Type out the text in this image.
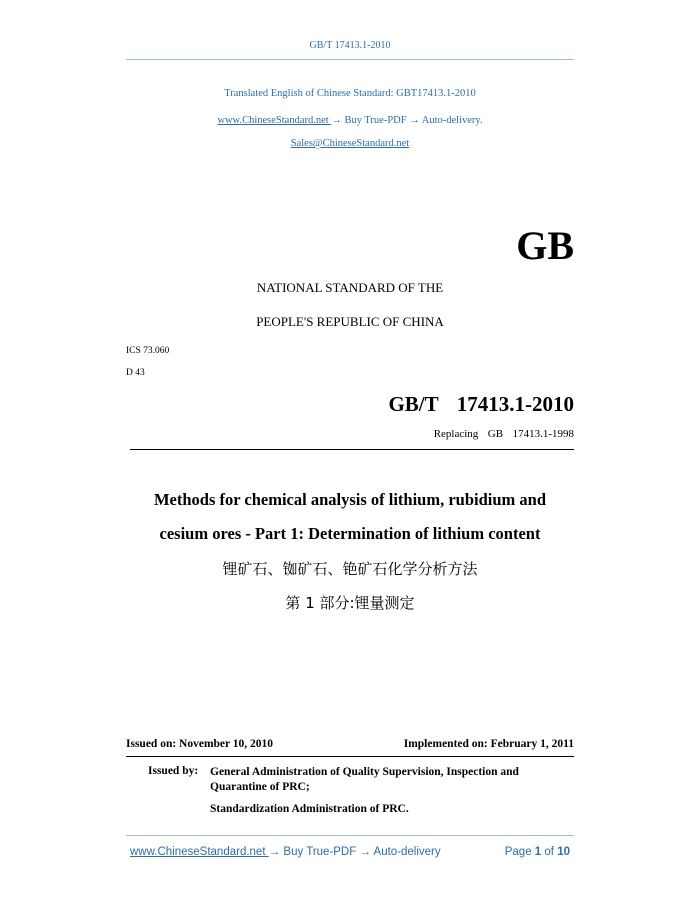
GB/T 17413.1-2010
Translated English of Chinese Standard: GBT17413.1-2010
www.ChineseStandard.net → Buy True-PDF → Auto-delivery.
Sales@ChineseStandard.net
GB
NATIONAL STANDARD OF THE
PEOPLE'S REPUBLIC OF CHINA
ICS 73.060
D 43
GB/T  17413.1-2010
Replacing  GB  17413.1-1998
Methods for chemical analysis of lithium, rubidium and
cesium ores - Part 1: Determination of lithium content
锂矿石、铷矿石、铯矿石化学分析方法
第 1 部分:锂量测定
Issued on: November 10, 2010	Implemented on: February 1, 2011
Issued by: General Administration of Quality Supervision, Inspection and Quarantine of PRC;
Standardization Administration of PRC.
www.ChineseStandard.net → Buy True-PDF → Auto-delivery	Page 1 of 10
